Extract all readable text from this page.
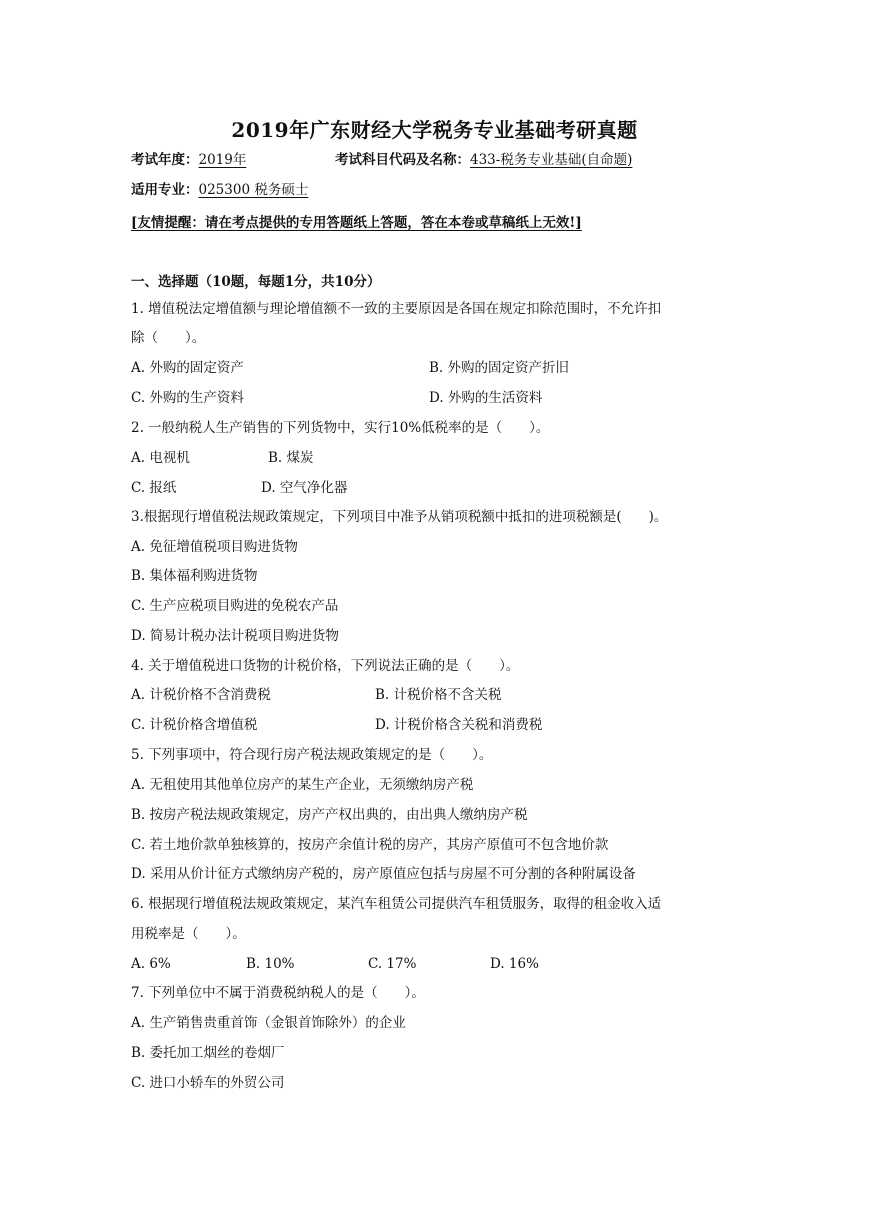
2019年广东财经大学税务专业基础考研真题
考试年度：2019年	考试科目代码及名称：433-税务专业基础(自命题)
适用专业：025300 税务硕士
[友情提醒：请在考点提供的专用答题纸上答题，答在本卷或草稿纸上无效!]
一、选择题（10题，每题1分，共10分）
1. 增值税法定增值额与理论增值额不一致的主要原因是各国在规定扣除范围时，不允许扣
除（　　）。
A. 外购的固定资产	B. 外购的固定资产折旧
C. 外购的生产资料	D. 外购的生活资料
2. 一般纳税人生产销售的下列货物中，实行10%低税率的是（　　）。
A. 电视机	B. 煤炭
C. 报纸	D. 空气净化器
3.根据现行增值税法规政策规定，下列项目中准予从销项税额中抵扣的进项税额是(　　)。
A. 免征增值税项目购进货物
B. 集体福利购进货物
C. 生产应税项目购进的免税农产品
D. 简易计税办法计税项目购进货物
4. 关于增值税进口货物的计税价格，下列说法正确的是（　　）。
A. 计税价格不含消费税	B. 计税价格不含关税
C. 计税价格含增值税	D. 计税价格含关税和消费税
5. 下列事项中，符合现行房产税法规政策规定的是（　　）。
A. 无租使用其他单位房产的某生产企业，无须缴纳房产税
B. 按房产税法规政策规定，房产产权出典的，由出典人缴纳房产税
C. 若土地价款单独核算的，按房产余值计税的房产，其房产原值可不包含地价款
D. 采用从价计征方式缴纳房产税的，房产原值应包括与房屋不可分割的各种附属设备
6. 根据现行增值税法规政策规定，某汽车租赁公司提供汽车租赁服务，取得的租金收入适
用税率是（　　）。
A. 6%	B. 10%	C. 17%	D. 16%
7. 下列单位中不属于消费税纳税人的是（　　）。
A. 生产销售贵重首饰（金银首饰除外）的企业
B. 委托加工烟丝的卷烟厂
C. 进口小轿车的外贸公司
